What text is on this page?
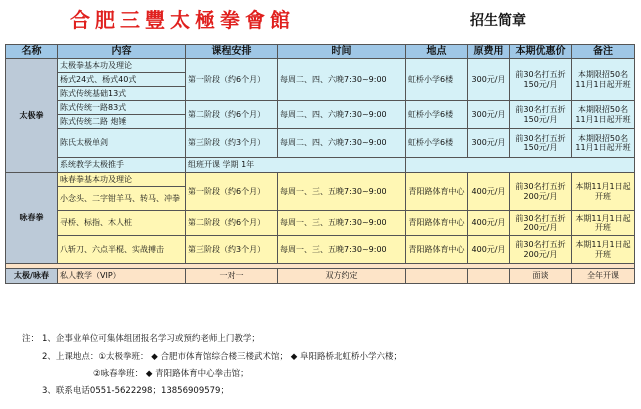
合肥三豐太極拳會館	招生简章
名称	内容	课程安排	时间	地点	原费用	本期优惠价	备注
太极拳	太极拳基本功及理论	第一阶段（约6个月）	每周二、四、六晚7:30~9:00	虹桥小学6楼	300元/月	前30名打五折150元/月	本期限招50名11月1日起开班
	杨式24式、杨式40式						
	陈式传统基础13式						
	陈式传统一路83式	第二阶段（约6个月）	每周二、四、六晚7:30~9:00	虹桥小学6楼	300元/月	前30名打五折150元/月	本期限招50名11月1日起开班
	陈式传统二路 炮锤						
	陈氏太极单剑	第三阶段（约3个月）	每周二、四、六晚7:30~9:00	虹桥小学6楼	300元/月	前30名打五折150元/月	本期限招50名11月1日起开班
	系统教学太极推手	组班开课 学期 1年					
咏春拳	咏春拳基本功及理论	第一阶段（约6个月）	每周一、三、五晚7:30~9:00	青阳路体育中心	400元/月	前30名打五折200元/月	本期11月1日起开班
	小念头、二字钳羊马、转马、冲拳						
	寻桥、标指、木人桩	第二阶段（约6个月）	每周一、三、五晚7:30~9:00	青阳路体育中心	400元/月	前30名打五折200元/月	本期11月1日起开班
	八斩刀、六点半棍、实战搏击	第三阶段（约3个月）	每周一、三、五晚7:30~9:00	青阳路体育中心	400元/月	前30名打五折200元/月	本期11月1日起开班

太极/咏春	私人教学（VIP）	一对一	双方约定			面谈	全年开课
注： 1、企事业单位可集体组团报名学习或预约老师上门教学；
2、上课地点：①太极拳班： ◆ 合肥市体育馆综合楼三楼武术馆； ◆ 阜阳路桥北虹桥小学六楼；
②咏春拳班： ◆ 青阳路体育中心拳击馆；
3、联系电话0551-5622298；13856909579；
